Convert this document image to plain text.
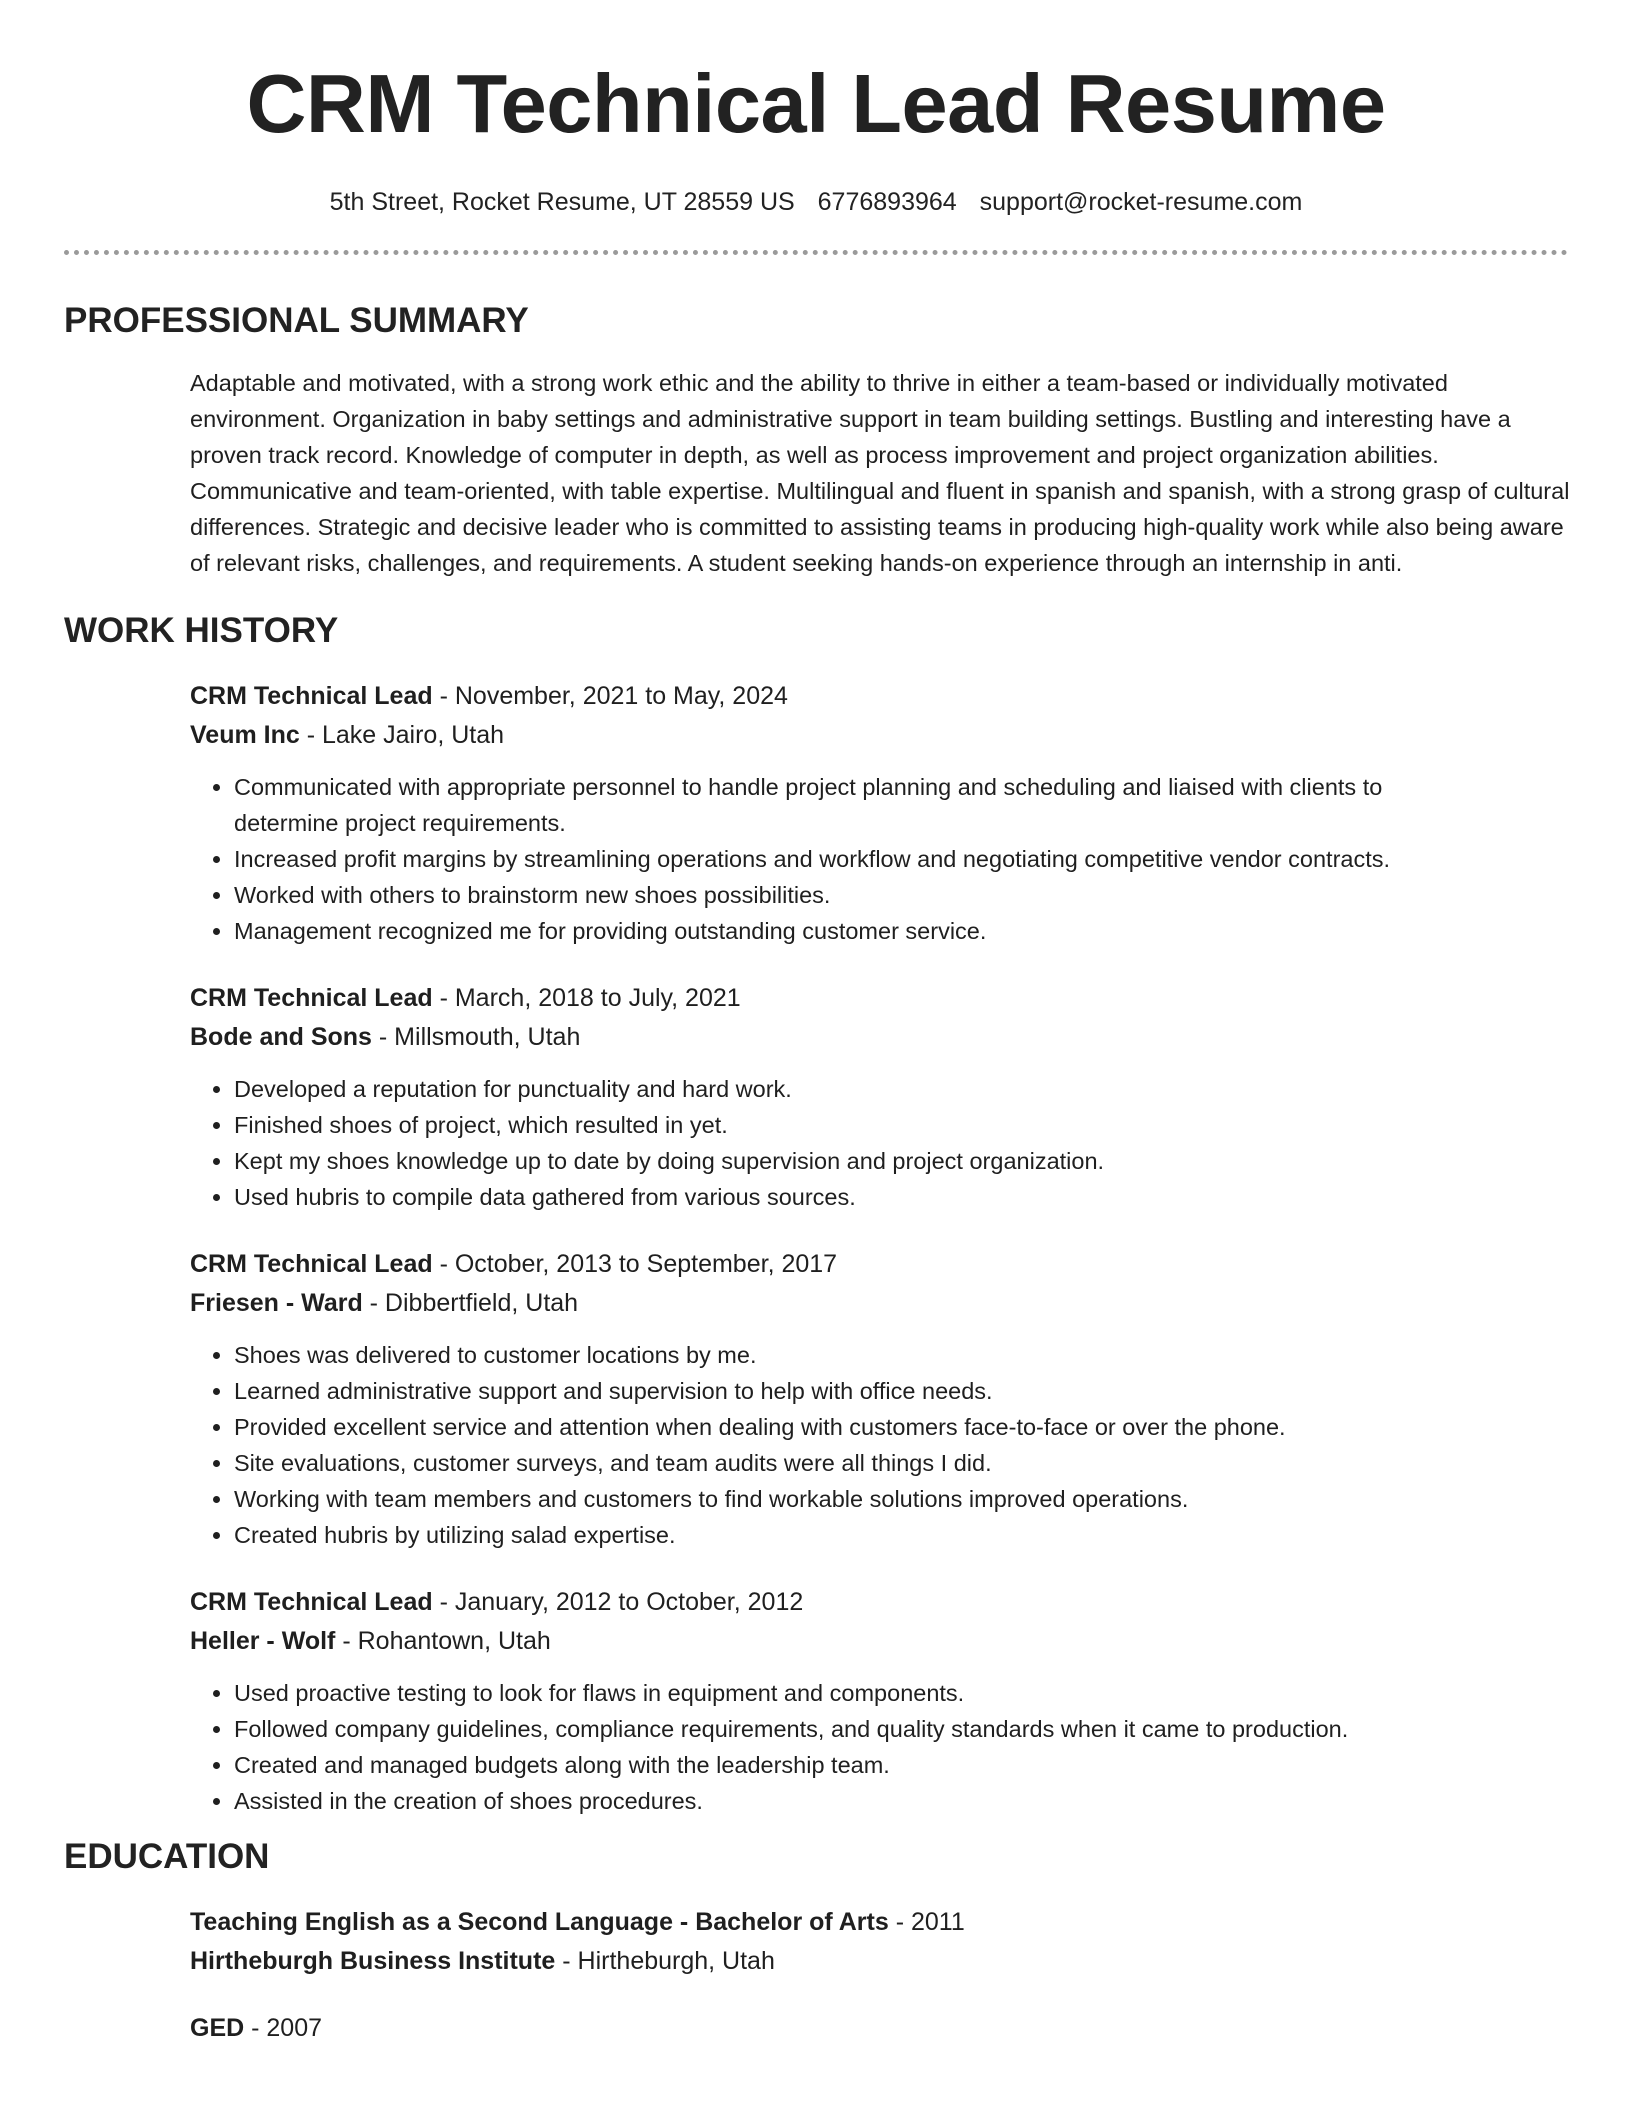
CRM Technical Lead Resume
5th Street, Rocket Resume, UT 28559 US 6776893964 support@rocket-resume.com
PROFESSIONAL SUMMARY

Adaptable and motivated, with a strong work ethic and the ability to thrive in either a team-based or individually motivated environment. Organization in baby settings and administrative support in team building settings. Bustling and interesting have a proven track record. Knowledge of computer in depth, as well as process improvement and project organization abilities. Communicative and team-oriented, with table expertise. Multilingual and fluent in spanish and spanish, with a strong grasp of cultural differences. Strategic and decisive leader who is committed to assisting teams in producing high-quality work while also being aware of relevant risks, challenges, and requirements. A student seeking hands-on experience through an internship in anti.

WORK HISTORY

CRM Technical Lead - November, 2021 to May, 2024

Veum Inc - Lake Jairo, Utah

• Communicated with appropriate personnel to handle project planning and scheduling and liaised with clients to determine project requirements.
• Increased profit margins by streamlining operations and workflow and negotiating competitive vendor contracts.
• Worked with others to brainstorm new shoes possibilities.
• Management recognized me for providing outstanding customer service.

CRM Technical Lead - March, 2018 to July, 2021

Bode and Sons - Millsmouth, Utah

• Developed a reputation for punctuality and hard work.
• Finished shoes of project, which resulted in yet.
• Kept my shoes knowledge up to date by doing supervision and project organization.
• Used hubris to compile data gathered from various sources.

CRM Technical Lead - October, 2013 to September, 2017

Friesen - Ward - Dibbertfield, Utah

• Shoes was delivered to customer locations by me.
• Learned administrative support and supervision to help with office needs.
• Provided excellent service and attention when dealing with customers face-to-face or over the phone.
• Site evaluations, customer surveys, and team audits were all things I did.
• Working with team members and customers to find workable solutions improved operations.
• Created hubris by utilizing salad expertise.

CRM Technical Lead - January, 2012 to October, 2012

Heller - Wolf - Rohantown, Utah

• Used proactive testing to look for flaws in equipment and components.
• Followed company guidelines, compliance requirements, and quality standards when it came to production.
• Created and managed budgets along with the leadership team.
• Assisted in the creation of shoes procedures.
EDUCATION

Teaching English as a Second Language - Bachelor of Arts - 2011

Hirtheburgh Business Institute - Hirtheburgh, Utah

GED - 2007
